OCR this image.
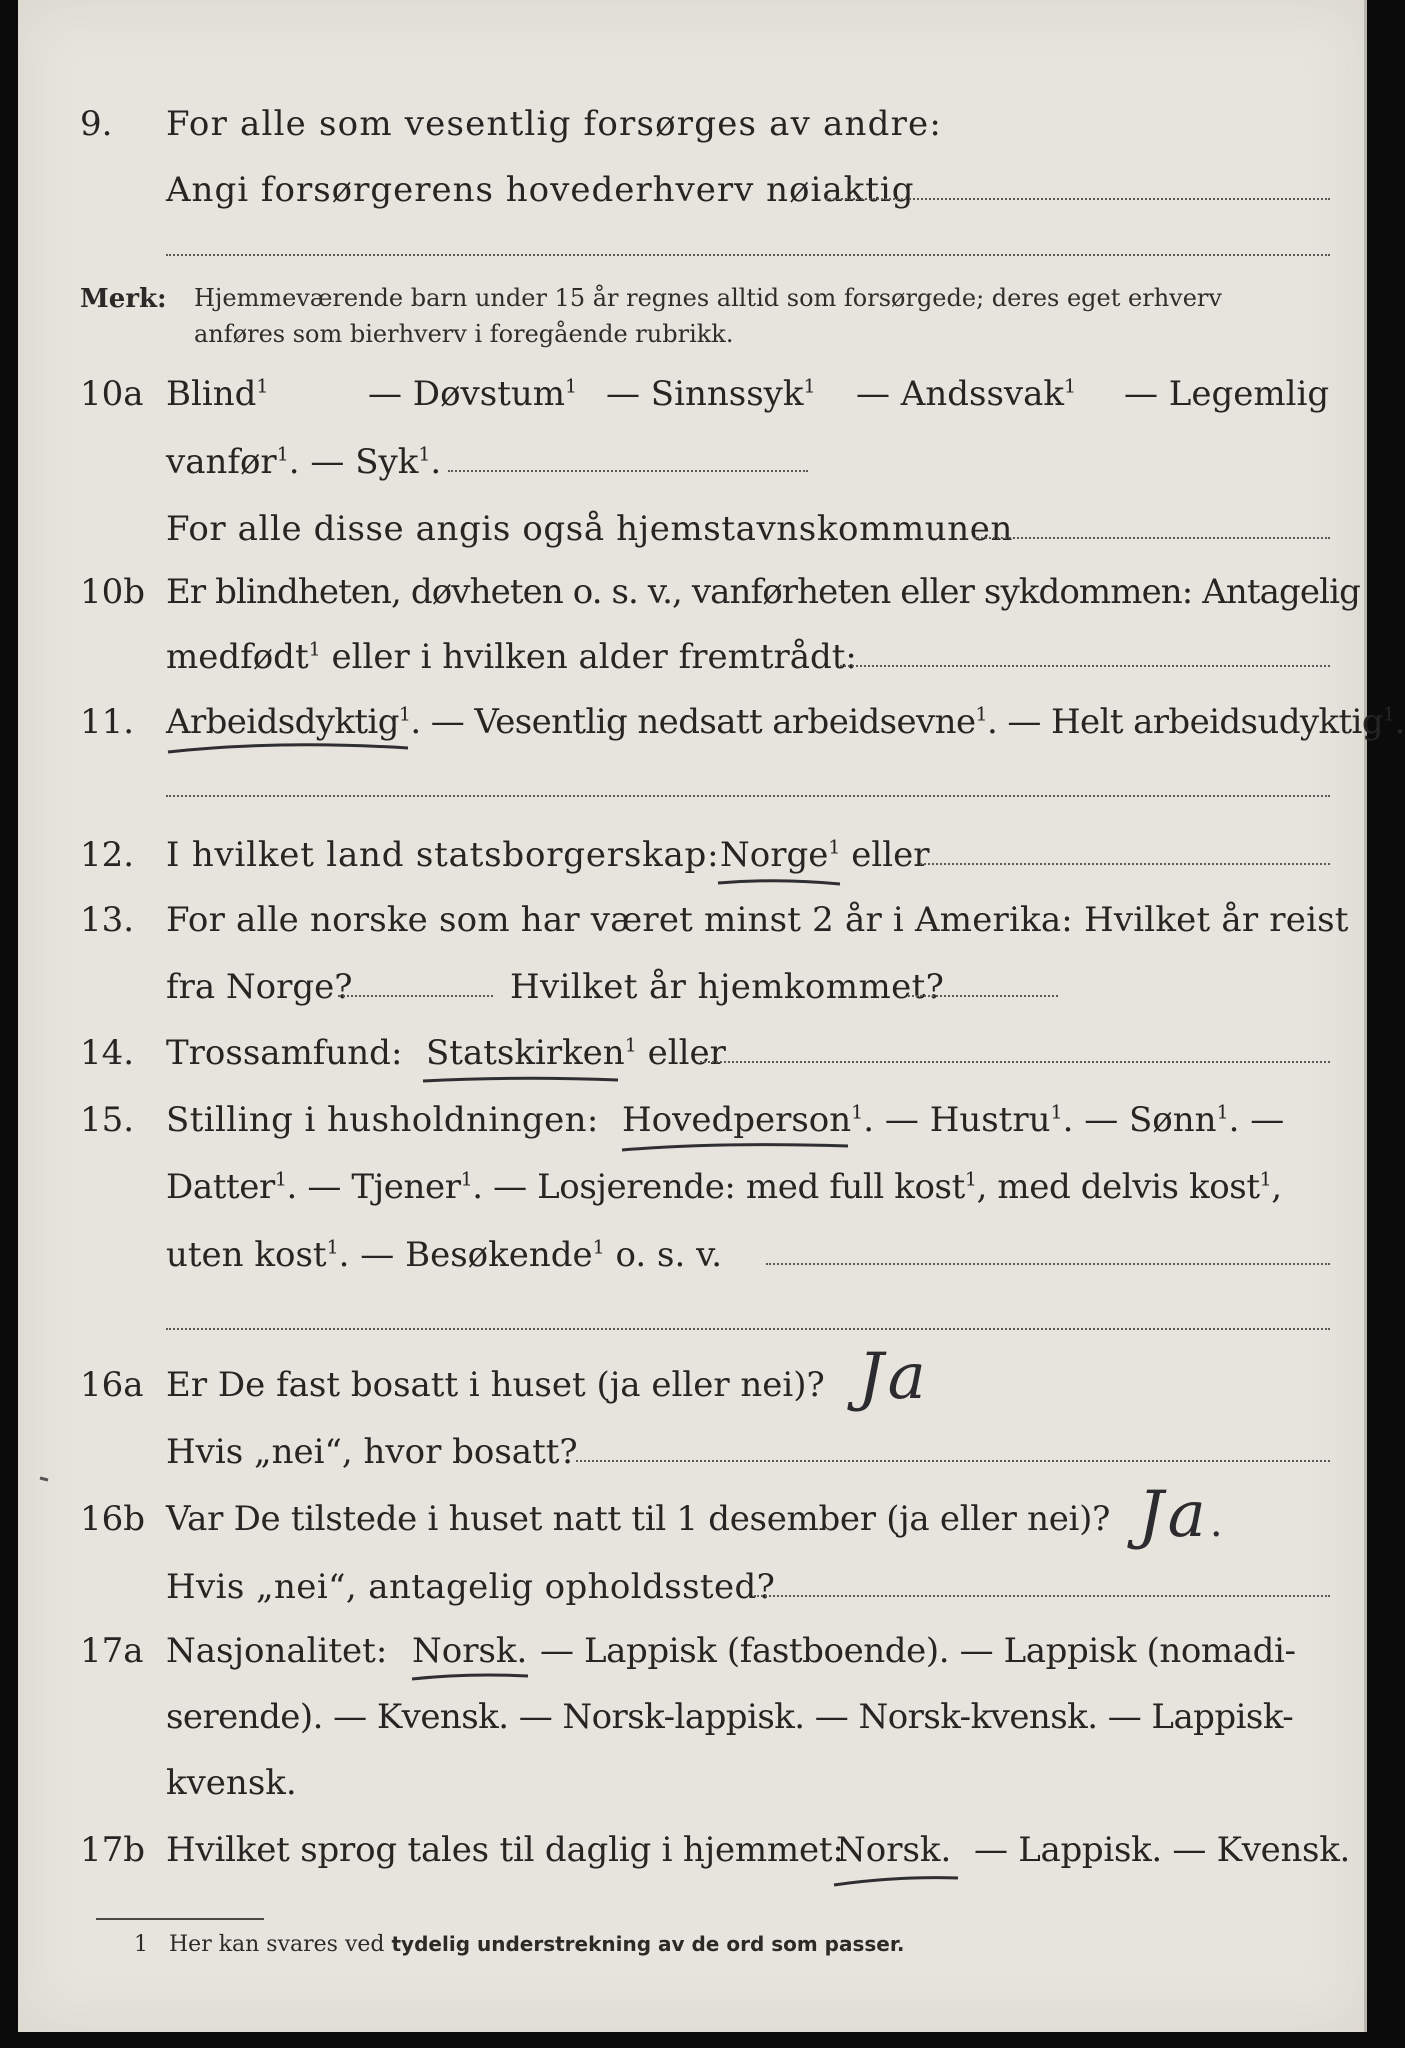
9. For alle som vesentlig forsørges av andre:
Angi forsørgerens hovederhverv nøiaktig
Merk: Hjemmeværende barn under 15 år regnes alltid som forsørgede; deres eget erhverv
anføres som bierhverv i foregående rubrikk.
10a Blind$^1$	— Døvstum$^1$ — Sinnssyk$^1$ — Andssvak$^1$ — Legemlig
vanfør$^1$. — Syk$^1$.
For alle disse angis også hjemstavnskommunen
10b Er blindheten, døvheten o. s. v., vanførheten eller sykdommen: Antagelig
medfødt$^1$ eller i hvilken alder fremtrådt:
11. Arbeidsdyktig$^1$. — Vesentlig nedsatt arbeidsevne$^1$. — Helt arbeidsudyktig$^1$.
12. I hvilket land statsborgerskap: Norge$^1$ eller
13. For alle norske som har været minst 2 år i Amerika: Hvilket år reist
fra Norge?	Hvilket år hjemkommet?
14. Trossamfund: Statskirken$^1$ eller
15. Stilling i husholdningen: Hovedperson$^1$. — Hustru$^1$. — Sønn$^1$. —
Datter$^1$. — Tjener$^1$. — Losjerende: med full kost$^1$, med delvis kost$^1$,
uten kost$^1$. — Besøkende$^1$ o. s. v.
16a Er De fast bosatt i huset (ja eller nei)? Ja
Hvis „nei“, hvor bosatt?
16b Var De tilstede i huset natt til 1 desember (ja eller nei)? Ja.
Hvis „nei“, antagelig opholdssted?
17a Nasjonalitet: Norsk. — Lappisk (fastboende). — Lappisk (nomadi-
serende). — Kvensk. — Norsk-lappisk. — Norsk-kvensk. — Lappisk-
kvensk.
17b Hvilket sprog tales til daglig i hjemmet:
Norsk. — Lappisk. — Kvensk.
1 Her kan svares ved tydelig understrekning av de ord som passer.
